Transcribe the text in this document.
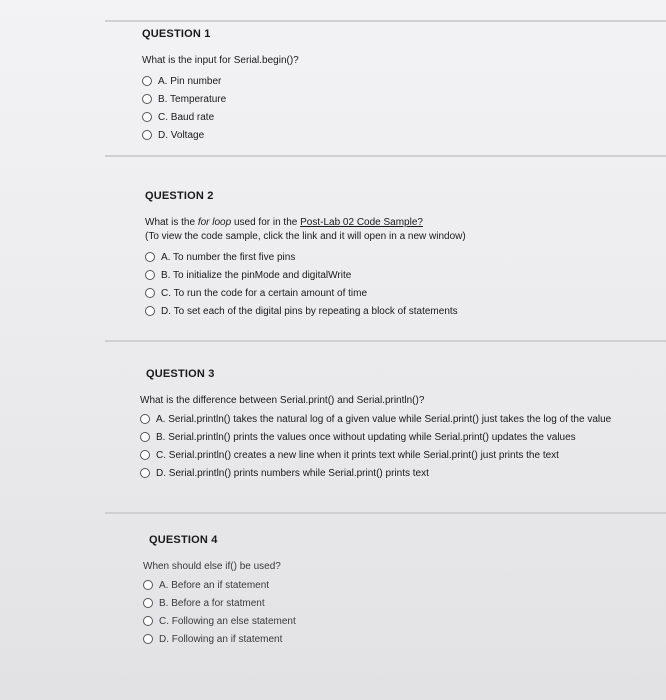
QUESTION 1
What is the input for Serial.begin()?
A. Pin number
B. Temperature
C. Baud rate
D. Voltage
QUESTION 2
What is the for loop used for in the Post-Lab 02 Code Sample?
(To view the code sample, click the link and it will open in a new window)
A. To number the first five pins
B. To initialize the pinMode and digitalWrite
C. To run the code for a certain amount of time
D. To set each of the digital pins by repeating a block of statements
QUESTION 3
What is the difference between Serial.print() and Serial.println()?
A. Serial.println() takes the natural log of a given value while Serial.print() just takes the log of the value
B. Serial.println() prints the values once without updating while Serial.print() updates the values
C. Serial.println() creates a new line when it prints text while Serial.print() just prints the text
D. Serial.println() prints numbers while Serial.print() prints text
QUESTION 4
When should else if() be used?
A. Before an if statement
B. Before a for statment
C. Following an else statement
D. Following an if statement
